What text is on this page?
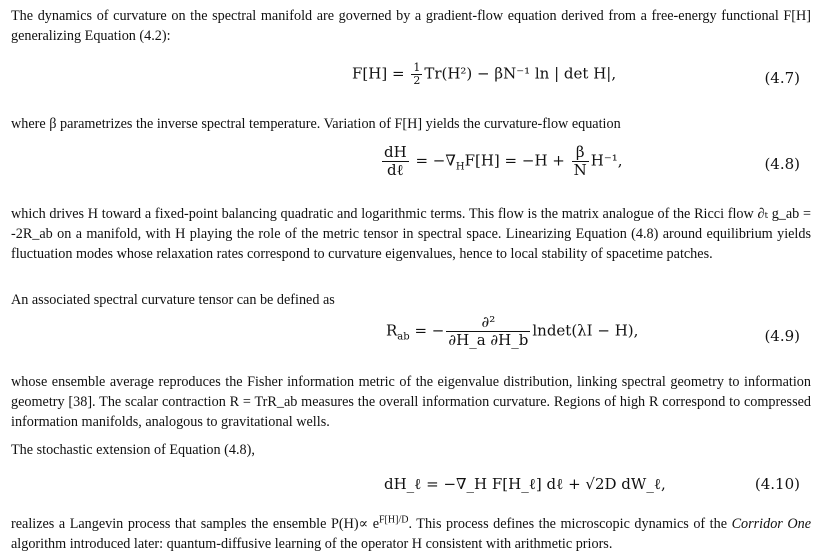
The dynamics of curvature on the spectral manifold are governed by a gradient-flow equation derived from a free-energy functional F[H] generalizing Equation (4.2):

$F[H] = \frac{1}{2} Tr(H^2) - \beta N^{-1}$ ln | det H|,	(4.7)

where β parametrizes the inverse spectral temperature. Variation of F[H] yields the curvature-flow equation

$\frac{dH}{\text{dℓ}} = -\nabla_HF[H] = -H + \frac{\beta}{N} H^{-1}$,	(4.8)

which drives H toward a fixed-point balancing quadratic and logarithmic terms. This flow is the matrix analogue of the Ricci flow ∂ₜ g_ab = -2R_ab on a manifold, with H playing the role of the metric tensor in spectral space. Linearizing Equation (4.8) around equilibrium yields fluctuation modes whose relaxation rates correspond to curvature eigenvalues, hence to local stability of spacetime patches.

An associated spectral curvature tensor can be defined as

$R_{ab}$ = − $\frac{\text{∂²}}{\partial H\_a \partial H\_b} lndet(\lambda I - H)$,	(4.9)

whose ensemble average reproduces the Fisher information metric of the eigenvalue distribution, linking spectral geometry to information geometry [38]. The scalar contraction R = TrR_ab measures the overall information curvature. Regions of high R correspond to compressed information manifolds, analogous to gravitational wells.

The stochastic extension of Equation (4.8),

dH_ℓ = −∇_H F[H_ℓ] dℓ + √2D dW_ℓ,	(4.10)

realizes a Langevin process that samples the ensemble $P(H)\propto e^{F[H]/D}$. This process defines the microscopic dynamics of the Corridor One algorithm introduced later: quantum-diffusive learning of the operator H consistent with arithmetic priors.
